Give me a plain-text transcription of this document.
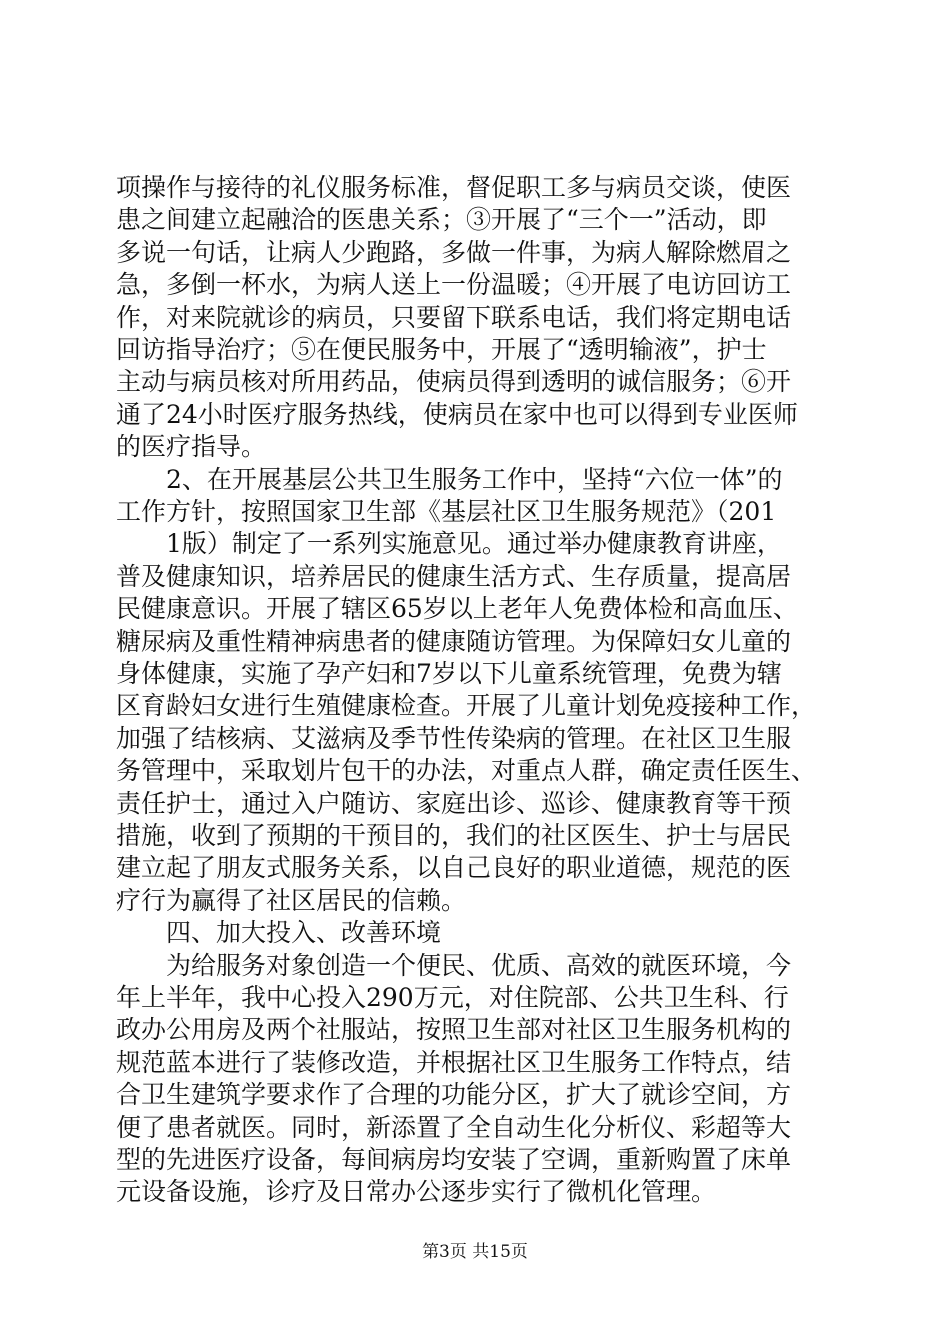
项操作与接待的礼仪服务标准，督促职工多与病员交谈，使医
患之间建立起融洽的医患关系；③开展了“三个一”活动，即
多说一句话，让病人少跑路，多做一件事，为病人解除燃眉之
急，多倒一杯水，为病人送上一份温暖；④开展了电访回访工
作，对来院就诊的病员，只要留下联系电话，我们将定期电话
回访指导治疗；⑤在便民服务中，开展了“透明输液”，护士
主动与病员核对所用药品，使病员得到透明的诚信服务；⑥开
通了24小时医疗服务热线，使病员在家中也可以得到专业医师
的医疗指导。
　　2、在开展基层公共卫生服务工作中，坚持“六位一体”的
工作方针，按照国家卫生部《基层社区卫生服务规范》（201
　　1版）制定了一系列实施意见。通过举办健康教育讲座，
普及健康知识，培养居民的健康生活方式、生存质量，提高居
民健康意识。开展了辖区65岁以上老年人免费体检和高血压、
糖尿病及重性精神病患者的健康随访管理。为保障妇女儿童的
身体健康，实施了孕产妇和7岁以下儿童系统管理，免费为辖
区育龄妇女进行生殖健康检查。开展了儿童计划免疫接种工作，
加强了结核病、艾滋病及季节性传染病的管理。在社区卫生服
务管理中，采取划片包干的办法，对重点人群，确定责任医生、
责任护士，通过入户随访、家庭出诊、巡诊、健康教育等干预
措施，收到了预期的干预目的，我们的社区医生、护士与居民
建立起了朋友式服务关系，以自己良好的职业道德，规范的医
疗行为赢得了社区居民的信赖。
　　四、加大投入、改善环境
　　为给服务对象创造一个便民、优质、高效的就医环境，今
年上半年，我中心投入290万元，对住院部、公共卫生科、行
政办公用房及两个社服站，按照卫生部对社区卫生服务机构的
规范蓝本进行了装修改造，并根据社区卫生服务工作特点，结
合卫生建筑学要求作了合理的功能分区，扩大了就诊空间，方
便了患者就医。同时，新添置了全自动生化分析仪、彩超等大
型的先进医疗设备，每间病房均安装了空调，重新购置了床单
元设备设施，诊疗及日常办公逐步实行了微机化管理。
第3页 共15页
